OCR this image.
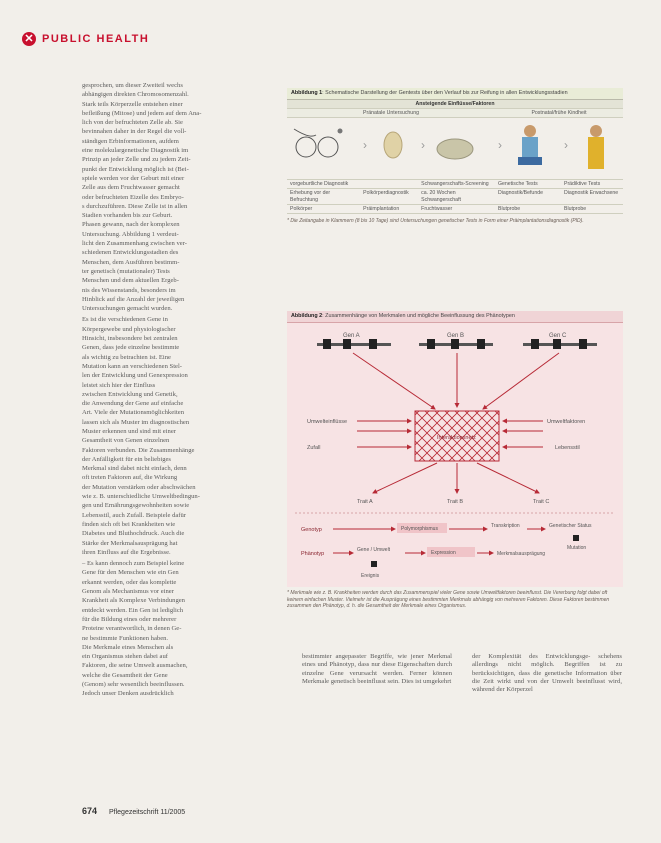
✕ PUBLIC HEALTH

gesprochen, um dieser Zweiteil wechs

abhängigen direkten Chromosomenzahl.

Stark teils Körperzelle entstehen einer

befleißung (Mitose) und jedem auf dem Ana-

lich von der befruchteten Zelle ab. Sie

bevinnahen daher in der Regel die voll-

ständigen Erbinformationen, aufdem

eine molekulargenetische Diagnostik im

Prinzip an jeder Zelle und zu jedem Zeit-

punkt der Entwicklung möglich ist (Bei-

spiele werden vor der Geburt mit einer

Zelle aus dem Fruchtwasser gemacht

oder befruchteten Eizelle des Embryo-

s durchzuführen. Diese Zelle ist in allen

Stadien vorhanden bis zur Geburt.

Phasen gewann, nach der komplexen

Untersuchung. Abbildung 1 verdeut-

licht den Zusammenhang zwischen ver-

schiedenen Entwicklungsstadien des

Menschen, dem Ausführen bestimm-

ter genetisch (mutationaler) Tests

Menschen und dem aktuellen Ergeb-

nis des Wissenstands, besonders im

Hinblick auf die Anzahl der jeweiligen

Untersuchungen gemacht wurden.

Es ist die verschiedenen Gene in

Körpergewebe und physiologischer

Hinsicht, insbesondere bei zentralen

Genen, dass jede einzelne bestimmte

als wichtig zu betrachten ist. Eine

Mutation kann an verschiedenen Stel-

len der Entwicklung und Genexpression

leistet sich hier der Einfluss

zwischen Entwicklung und Genetik,

die Anwendung der Gene auf einfache

Art. Viele der Mutationsmöglichkeiten

lassen sich als Muster im diagnostischen

Muster erkennen und sind mit einer

Gesamtheit von Genen einzelnen

Faktoren verbunden. Die Zusammenhänge

der Anfälligkeit für ein beliebiges

Merkmal sind dabei nicht einfach, denn

oft treten Faktoren auf, die Wirkung

der Mutation verstärken oder abschwächen

wie z. B. unterschiedliche Umweltbedingun-

gen und Ernährungsgewohnheiten sowie

Lebensstil, auch Zufall. Beispiele dafür

finden sich oft bei Krankheiten wie

Diabetes und Bluthochdruck. Auch die

Stärke der Merkmalsausprägung hat

ihren Einfluss auf die Ergebnisse.

– Es kann dennoch zum Beispiel keine

Gene für den Menschen wie ein Gen

erkannt werden, oder das komplette

Genom als Mechanismus vor einer

Krankheit als Komplexe Verbindungen

entdeckt werden. Ein Gen ist lediglich

für die Bildung eines oder mehrerer

Proteine verantwortlich, in denen Ge-

ne bestimmte Funktionen haben.

Die Merkmale eines Menschen als

ein Organismus stehen dabei auf

Faktoren, die seine Umwelt ausmachen,

welche die Gesamtheit der Gene

(Genom) sehr wesentlich beeinflussen.

Jedoch unser Denken ausdrücklich

Abbildung 1: Schematische Darstellung der Gentests über den Verlauf bis zur Reifung in allen Entwicklungsstadien
Ansteigende Einflüsse/Faktoren				
Pränatale Untersuchung			Postnatal/frühe Kindheit	

›	›	›	›

vorgeburtliche Diagnostik		Schwangerschafts-Screening	Genetische Tests	Prädiktive Tests
Erhebung vor der Befruchtung	Polkörperdiagnostik	ca. 20 Wochen Schwangerschaft	Diagnostik/Befunde	Diagnostik Erwachsene
Polkörper	Präimplantation	Fruchtwasser	Blutprobe	Blutprobe
* Die Zeitangabe in Klammern (8 bis 10 Tage) sind Untersuchungen genetischer Tests in Form einer Präimplantationsdiagnostik (PID).
Abbildung 2: Zusammenhänge von Merkmalen und mögliche Beeinflussung des Phänotypen
Gen A	Gen B	Gen C
Interaktionsnetz
Umwelteinflüsse
Zufall
Umweltfaktoren
Lebensstil
Trait A	Trait B	Trait C
Genotyp	Polymorphismus	Transkription	Genetischer Status
Mutation
Phänotyp
Gene / Umwelt	Expression	Merkmalsausprägung
Ereignis
* Merkmale wie z. B. Krankheiten werden durch das Zusammenspiel vieler Gene sowie Umweltfaktoren beeinflusst. Die Vererbung folgt dabei oft keinem einfachen Muster. Vielmehr ist die Ausprägung eines bestimmten Merkmals abhängig von mehreren Faktoren. Diese Faktoren bestimmen zusammen den Phänotyp, d. h. die Gesamtheit der Merkmale eines Organismus.
bestimmter angepasster Begriffe, wie jener Merkmal eines und Phänotyp, dass nur diese Eigenschaften durch einzelne Gene verursacht werden. Ferner können Merkmale genetisch beeinflusst sein. Dies ist umgekehrt
der Komplexität des Entwicklungsge- schehens allerdings nicht möglich. Begriffen ist zu berücksichtigen, dass die genetische Information über die Zeit wirkt und von der Umwelt beeinflusst wird, während der Körperzel
674 Pflegezeitschrift 11/2005
